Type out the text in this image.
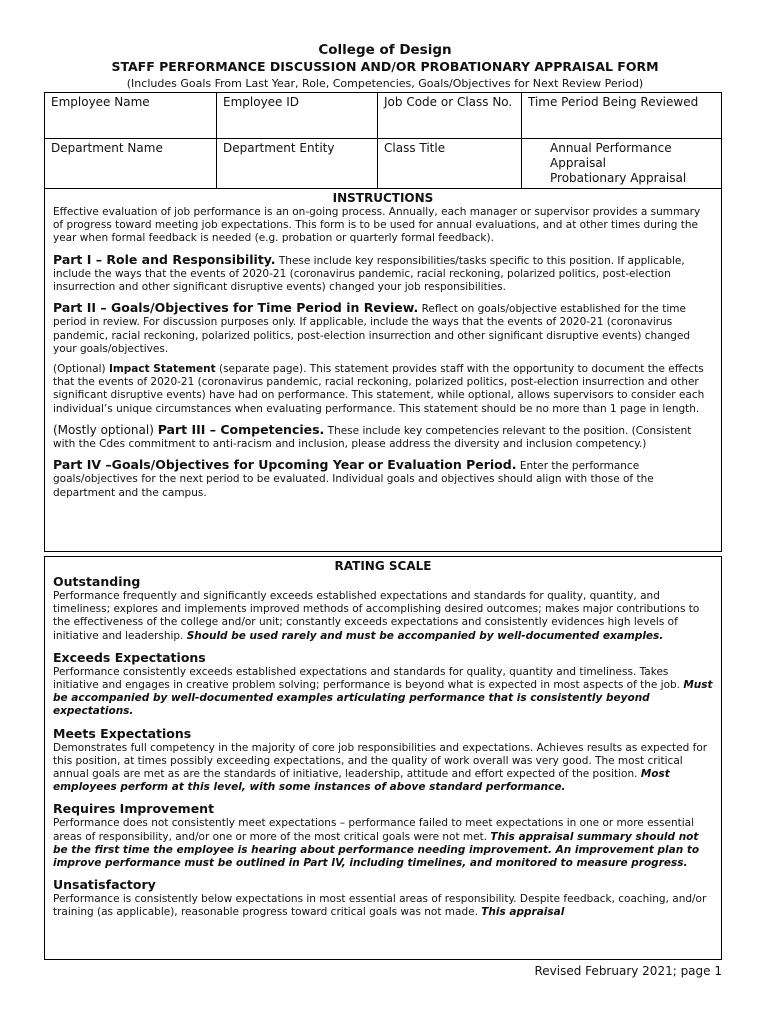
College of Design
STAFF PERFORMANCE DISCUSSION AND/OR PROBATIONARY APPRAISAL FORM
(Includes Goals From Last Year, Role, Competencies, Goals/Objectives for Next Review Period)
Employee Name	Employee ID	Job Code or Class No.	Time Period Being Reviewed
Department Name	Department Entity	Class Title	Annual Performance Appraisal
Probationary Appraisal
INSTRUCTIONS

Effective evaluation of job performance is an on-going process. Annually, each manager or supervisor provides a summary of progress toward meeting job expectations. This form is to be used for annual evaluations, and at other times during the year when formal feedback is needed (e.g. probation or quarterly formal feedback).

Part I – Role and Responsibility. These include key responsibilities/tasks specific to this position. If applicable, include the ways that the events of 2020-21 (coronavirus pandemic, racial reckoning, polarized politics, post-election insurrection and other significant disruptive events) changed your job responsibilities.

Part II – Goals/Objectives for Time Period in Review. Reflect on goals/objective established for the time period in review. For discussion purposes only. If applicable, include the ways that the events of 2020-21 (coronavirus pandemic, racial reckoning, polarized politics, post-election insurrection and other significant disruptive events) changed your goals/objectives.

(Optional) Impact Statement (separate page). This statement provides staff with the opportunity to document the effects that the events of 2020-21 (coronavirus pandemic, racial reckoning, polarized politics, post-election insurrection and other significant disruptive events) have had on performance. This statement, while optional, allows supervisors to consider each individual’s unique circumstances when evaluating performance. This statement should be no more than 1 page in length.

(Mostly optional) Part III – Competencies. These include key competencies relevant to the position. (Consistent with the Cdes commitment to anti-racism and inclusion, please address the diversity and inclusion competency.)

Part IV –Goals/Objectives for Upcoming Year or Evaluation Period. Enter the performance goals/objectives for the next period to be evaluated. Individual goals and objectives should align with those of the department and the campus.

RATING SCALE
Outstanding

Performance frequently and significantly exceeds established expectations and standards for quality, quantity, and timeliness; explores and implements improved methods of accomplishing desired outcomes; makes major contributions to the effectiveness of the college and/or unit; constantly exceeds expectations and consistently evidences high levels of initiative and leadership. Should be used rarely and must be accompanied by well-documented examples.

Exceeds Expectations

Performance consistently exceeds established expectations and standards for quality, quantity and timeliness. Takes initiative and engages in creative problem solving; performance is beyond what is expected in most aspects of the job. Must be accompanied by well-documented examples articulating performance that is consistently beyond expectations.

Meets Expectations

Demonstrates full competency in the majority of core job responsibilities and expectations. Achieves results as expected for this position, at times possibly exceeding expectations, and the quality of work overall was very good. The most critical annual goals are met as are the standards of initiative, leadership, attitude and effort expected of the position. Most employees perform at this level, with some instances of above standard performance.

Requires Improvement

Performance does not consistently meet expectations – performance failed to meet expectations in one or more essential areas of responsibility, and/or one or more of the most critical goals were not met. This appraisal summary should not be the first time the employee is hearing about performance needing improvement. An improvement plan to improve performance must be outlined in Part IV, including timelines, and monitored to measure progress.

Unsatisfactory

Performance is consistently below expectations in most essential areas of responsibility. Despite feedback, coaching, and/or training (as applicable), reasonable progress toward critical goals was not made. This appraisal

Revised February 2021; page 1
